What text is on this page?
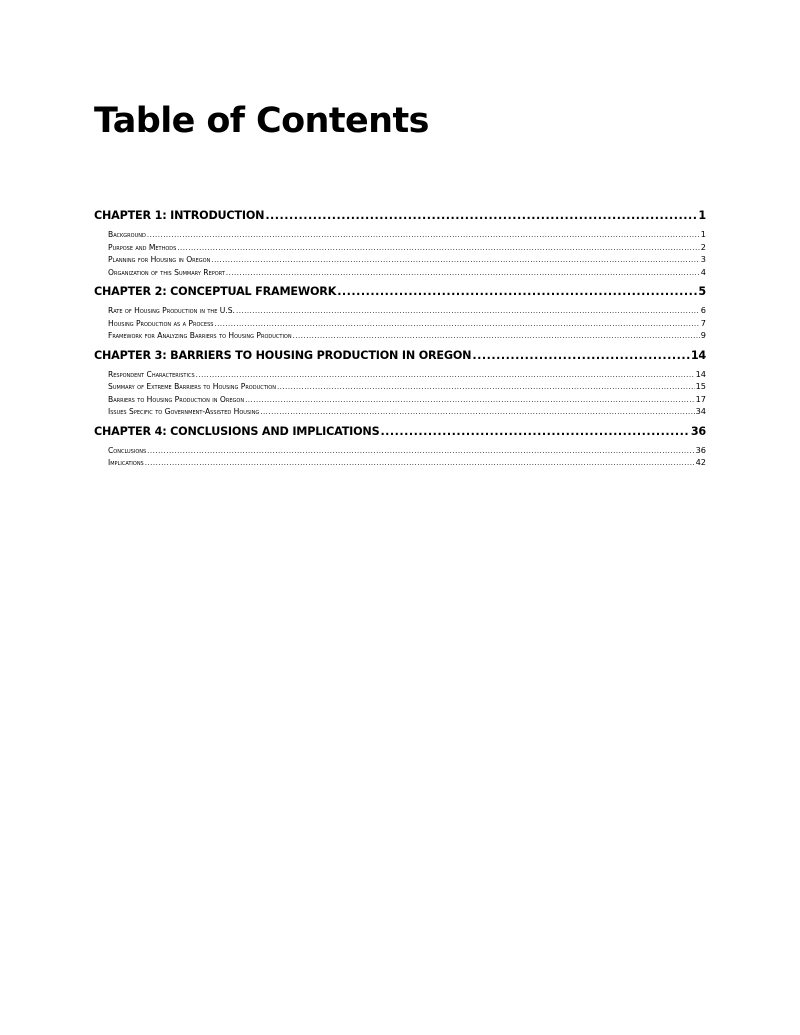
Table of Contents
CHAPTER 1: INTRODUCTION .....	1
Background .....	1
Purpose and Methods .....	2
Planning for Housing in Oregon .....	3
Organization of this Summary Report .....	4
CHAPTER 2: CONCEPTUAL FRAMEWORK .....	5
Rate of Housing Production in the U.S. .....	6
Housing Production as a Process .....	7
Framework for Analyzing Barriers to Housing Production .....	9
CHAPTER 3: BARRIERS TO HOUSING PRODUCTION IN OREGON .....	14
Respondent Characteristics .....	14
Summary of Extreme Barriers to Housing Production .....	15
Barriers to Housing Production in Oregon .....	17
Issues Specific to Government-Assisted Housing .....	34
CHAPTER 4: CONCLUSIONS AND IMPLICATIONS .....	36
Conclusions .....	36
Implications .....	42
